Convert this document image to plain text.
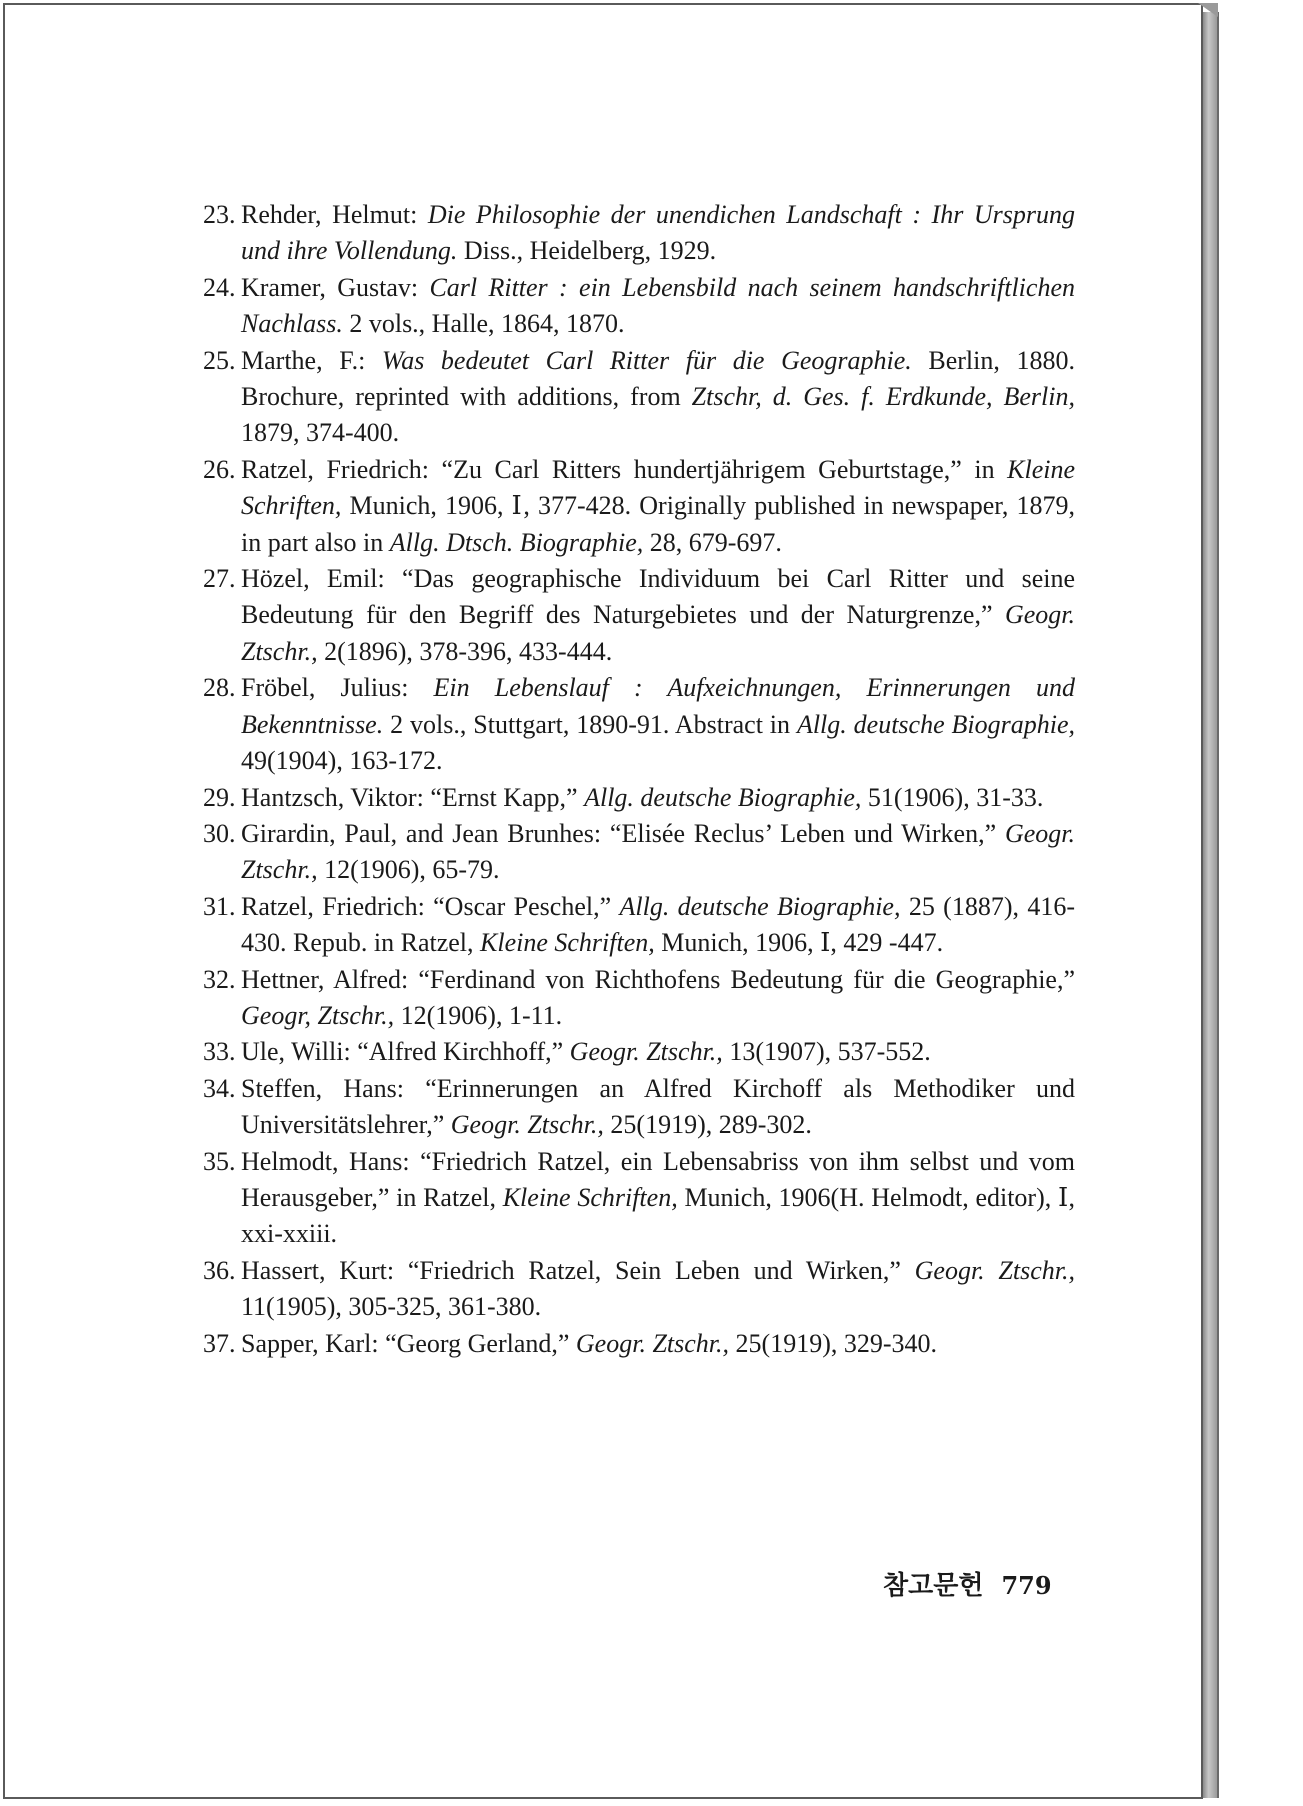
23 . Rehder, Helmut: Die Philosophie der unendichen Landschaft : Ihr Ursprung und ihre Vollendung. Diss., Heidelberg, 1929.
24 . Kramer, Gustav: Carl Ritter : ein Lebensbild nach seinem handschriftlichen Nachlass. 2 vols., Halle, 1864, 1870.
25 . Marthe, F.: Was bedeutet Carl Ritter für die Geographie. Berlin, 1880. Brochure, reprinted with additions, from Ztschr, d. Ges. f. Erdkunde, Berlin, 1879, 374-400.
26 . Ratzel, Friedrich: “Zu Carl Ritters hundertjährigem Geburtstage,” in Kleine Schriften, Munich, 1906, Ⅰ, 377-428. Originally published in newspaper, 1879, in part also in Allg. Dtsch. Biographie, 28, 679-697.
27 . Hözel, Emil: “Das geographische Individuum bei Carl Ritter und seine Bedeutung für den Begriff des Naturgebietes und der Naturgrenze,” Geogr. Ztschr., 2(1896), 378-396, 433-444.
28 . Fröbel, Julius: Ein Lebenslauf : Aufxeichnungen, Erinnerungen und Bekenntnisse. 2 vols., Stuttgart, 1890-91. Abstract in Allg. deutsche Biographie, 49(1904), 163-172.
29 . Hantzsch, Viktor: “Ernst Kapp,” Allg. deutsche Biographie, 51(1906), 31-33.
30 . Girardin, Paul, and Jean Brunhes: “Elisée Reclus’ Leben und Wirken,” Geogr. Ztschr., 12(1906), 65-79.
31 . Ratzel, Friedrich: “Oscar Peschel,” Allg. deutsche Biographie, 25 (1887), 416-430. Repub. in Ratzel, Kleine Schriften, Munich, 1906, Ⅰ, 429 -447.
32 . Hettner, Alfred: “Ferdinand von Richthofens Bedeutung für die Geographie,” Geogr, Ztschr., 12(1906), 1-11.
33 . Ule, Willi: “Alfred Kirchhoff,” Geogr. Ztschr., 13(1907), 537-552.
34 . Steffen, Hans: “Erinnerungen an Alfred Kirchoff als Methodiker und Universitätslehrer,” Geogr. Ztschr., 25(1919), 289-302.
35 . Helmodt, Hans: “Friedrich Ratzel, ein Lebensabriss von ihm selbst und vom Herausgeber,” in Ratzel, Kleine Schriften, Munich, 1906(H. Helmodt, editor), Ⅰ, xxi-xxiii.
36 . Hassert, Kurt: “Friedrich Ratzel, Sein Leben und Wirken,” Geogr. Ztschr., 11(1905), 305-325, 361-380.
37 . Sapper, Karl: “Georg Gerland,” Geogr. Ztschr., 25(1919), 329-340.
참고문헌 779
